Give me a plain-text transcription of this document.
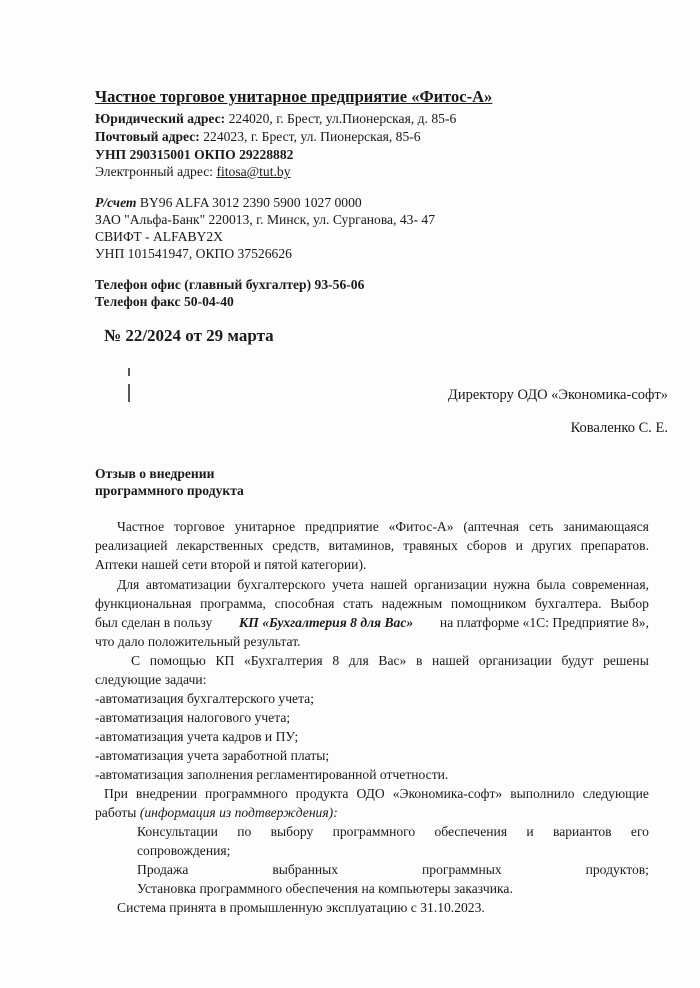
Частное торговое унитарное предприятие «Фитос-А»
Юридический адрес: 224020, г. Брест, ул.Пионерская, д. 85-6
Почтовый адрес: 224023, г. Брест, ул. Пионерская, 85-6
УНП 290315001 ОКПО 29228882
Электронный адрес: fitosa@tut.by
Р/счет BY96 ALFA 3012 2390 5900 1027 0000
ЗАО "Альфа-Банк" 220013, г. Минск, ул. Сурганова, 43- 47
СВИФТ - ALFABY2X
УНП 101541947, ОКПО 37526626
Телефон офис (главный бухгалтер) 93-56-06
Телефон факс 50-04-40
№ 22/2024 от 29 марта
Директору ОДО «Экономика-софт»
Коваленко С. Е.
Отзыв о внедрении
программного продукта
Частное торговое унитарное предприятие «Фитос-А» (аптечная сеть занимающаяся
реализацией лекарственных средств, витаминов, травяных сборов и других препаратов.
Аптеки нашей сети второй и пятой категории).
Для автоматизации бухгалтерского учета нашей организации нужна была современная,
функциональная программа, способная стать надежным помощником бухгалтера. Выбор
был сделан в пользу КП «Бухгалтерия 8 для Вас» на платформе «1С: Предприятие 8»,
что дало положительный результат.
С помощью КП «Бухгалтерия 8 для Вас» в нашей организации будут решены
следующие задачи:
-автоматизация бухгалтерского учета;
-автоматизация налогового учета;
-автоматизация учета кадров и ПУ;
-автоматизация учета заработной платы;
-автоматизация заполнения регламентированной отчетности.
При внедрении программного продукта ОДО «Экономика-софт» выполнило следующие
работы (информация из подтверждения):
Консультации по выбору программного обеспечения и вариантов его
сопровождения;
Продажа	выбранных	программных	продуктов;
Установка программного обеспечения на компьютеры заказчика.
Система принята в промышленную эксплуатацию с 31.10.2023.
